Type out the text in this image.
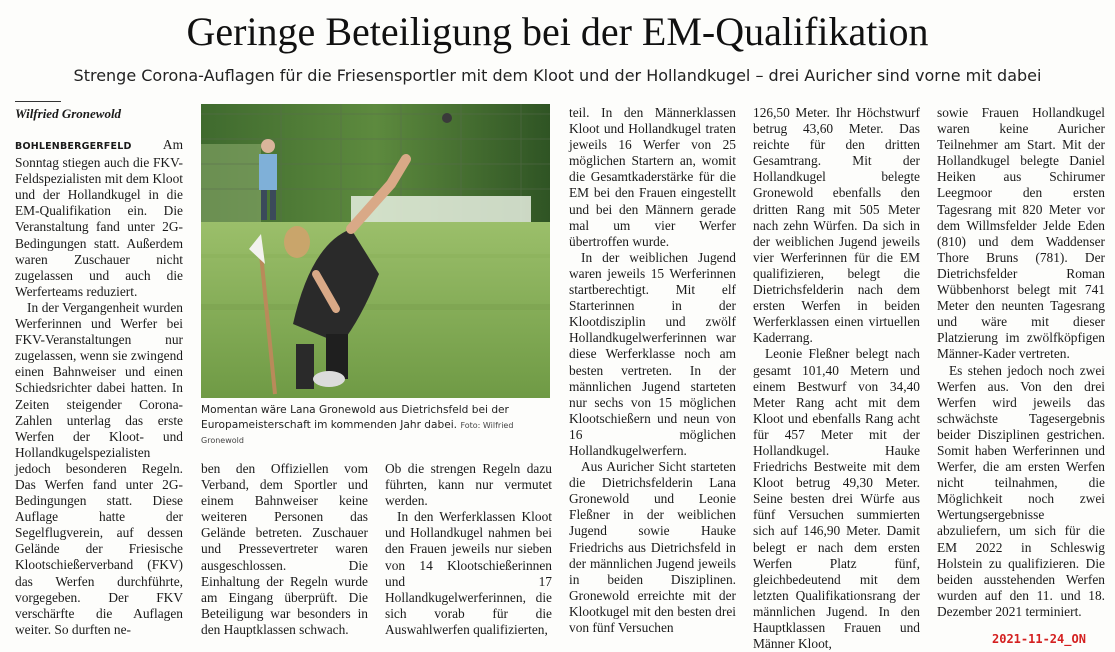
Geringe Beteiligung bei der EM-Qualifikation
Strenge Corona-Auflagen für die Friesensportler mit dem Kloot und der Hollandkugel – drei Auricher sind vorne mit dabei
Wilfried Gronewold

BOHLENBERGERFELD Am Sonntag stiegen auch die FKV-Feldspezialisten mit dem Kloot und der Hollandkugel in die EM-Qualifikation ein. Die Veranstaltung fand unter 2G-Bedingungen statt. Außerdem waren Zuschauer nicht zugelassen und auch die Werferteams reduziert.

In der Vergangenheit wurden Werferinnen und Werfer bei FKV-Veranstaltungen nur zugelassen, wenn sie zwingend einen Bahnweiser und einen Schiedsrichter dabei hatten. In Zeiten steigender Corona-Zahlen unterlag das erste Werfen der Kloot- und Hollandkugelspezialisten jedoch besonderen Regeln. Das Werfen fand unter 2G-Bedingungen statt. Diese Auflage hatte der Segelflugverein, auf dessen Gelände der Friesische Klootschießerverband (FKV) das Werfen durchführte, vorgegeben. Der FKV verschärfte die Auflagen weiter. So durften ne-

Momentan wäre Lana Gronewold aus Dietrichsfeld bei der Europameisterschaft im kommenden Jahr dabei. Foto: Wilfried Gronewold

ben den Offiziellen vom Verband, dem Sportler und einem Bahnweiser keine weiteren Personen das Gelände betreten. Zuschauer und Pressevertreter waren ausgeschlossen. Die Einhaltung der Regeln wurde am Eingang überprüft. Die Beteiligung war besonders in den Hauptklassen schwach.

Ob die strengen Regeln dazu führten, kann nur vermutet werden.

In den Werferklassen Kloot und Hollandkugel nahmen bei den Frauen jeweils nur sieben von 14 Klootschießerinnen und 17 Hollandkugelwerferinnen, die sich vorab für die Auswahlwerfen qualifizierten,

teil. In den Männerklassen Kloot und Hollandkugel traten jeweils 16 Werfer von 25 möglichen Startern an, womit die Gesamtkaderstärke für die EM bei den Frauen eingestellt und bei den Männern gerade mal um vier Werfer übertroffen wurde.

In der weiblichen Jugend waren jeweils 15 Werferinnen startberechtigt. Mit elf Starterinnen in der Klootdisziplin und zwölf Hollandkugelwerferinnen war diese Werferklasse noch am besten vertreten. In der männlichen Jugend starteten nur sechs von 15 möglichen Klootschießern und neun von 16 möglichen Hollandkugelwerfern.

Aus Auricher Sicht starteten die Dietrichsfelderin Lana Gronewold und Leonie Fleßner in der weiblichen Jugend sowie Hauke Friedrichs aus Dietrichsfeld in der männlichen Jugend jeweils in beiden Disziplinen. Gronewold erreichte mit der Klootkugel mit den besten drei von fünf Versuchen

126,50 Meter. Ihr Höchstwurf betrug 43,60 Meter. Das reichte für den dritten Gesamtrang. Mit der Hollandkugel belegte Gronewold ebenfalls den dritten Rang mit 505 Meter nach zehn Würfen. Da sich in der weiblichen Jugend jeweils vier Werferinnen für die EM qualifizieren, belegt die Dietrichsfelderin nach dem ersten Werfen in beiden Werferklassen einen virtuellen Kaderrang.

Leonie Fleßner belegt nach gesamt 101,40 Metern und einem Bestwurf von 34,40 Meter Rang acht mit dem Kloot und ebenfalls Rang acht für 457 Meter mit der Hollandkugel. Hauke Friedrichs Bestweite mit dem Kloot betrug 49,30 Meter. Seine besten drei Würfe aus fünf Versuchen summierten sich auf 146,90 Meter. Damit belegt er nach dem ersten Werfen Platz fünf, gleichbedeutend mit dem letzten Qualifikationsrang der männlichen Jugend. In den Hauptklassen Frauen und Männer Kloot,

sowie Frauen Hollandkugel waren keine Auricher Teilnehmer am Start. Mit der Hollandkugel belegte Daniel Heiken aus Schirumer Leegmoor den ersten Tagesrang mit 820 Meter vor dem Willmsfelder Jelde Eden (810) und dem Waddenser Thore Bruns (781). Der Dietrichsfelder Roman Wübbenhorst belegt mit 741 Meter den neunten Tagesrang und wäre mit dieser Platzierung im zwölfköpfigen Männer-Kader vertreten.

Es stehen jedoch noch zwei Werfen aus. Von den drei Werfen wird jeweils das schwächste Tagesergebnis beider Disziplinen gestrichen. Somit haben Werferinnen und Werfer, die am ersten Werfen nicht teilnahmen, die Möglichkeit noch zwei Wertungsergebnisse abzuliefern, um sich für die EM 2022 in Schleswig Holstein zu qualifizieren. Die beiden ausstehenden Werfen wurden auf den 11. und 18. Dezember 2021 terminiert.

2021-11-24_ON
